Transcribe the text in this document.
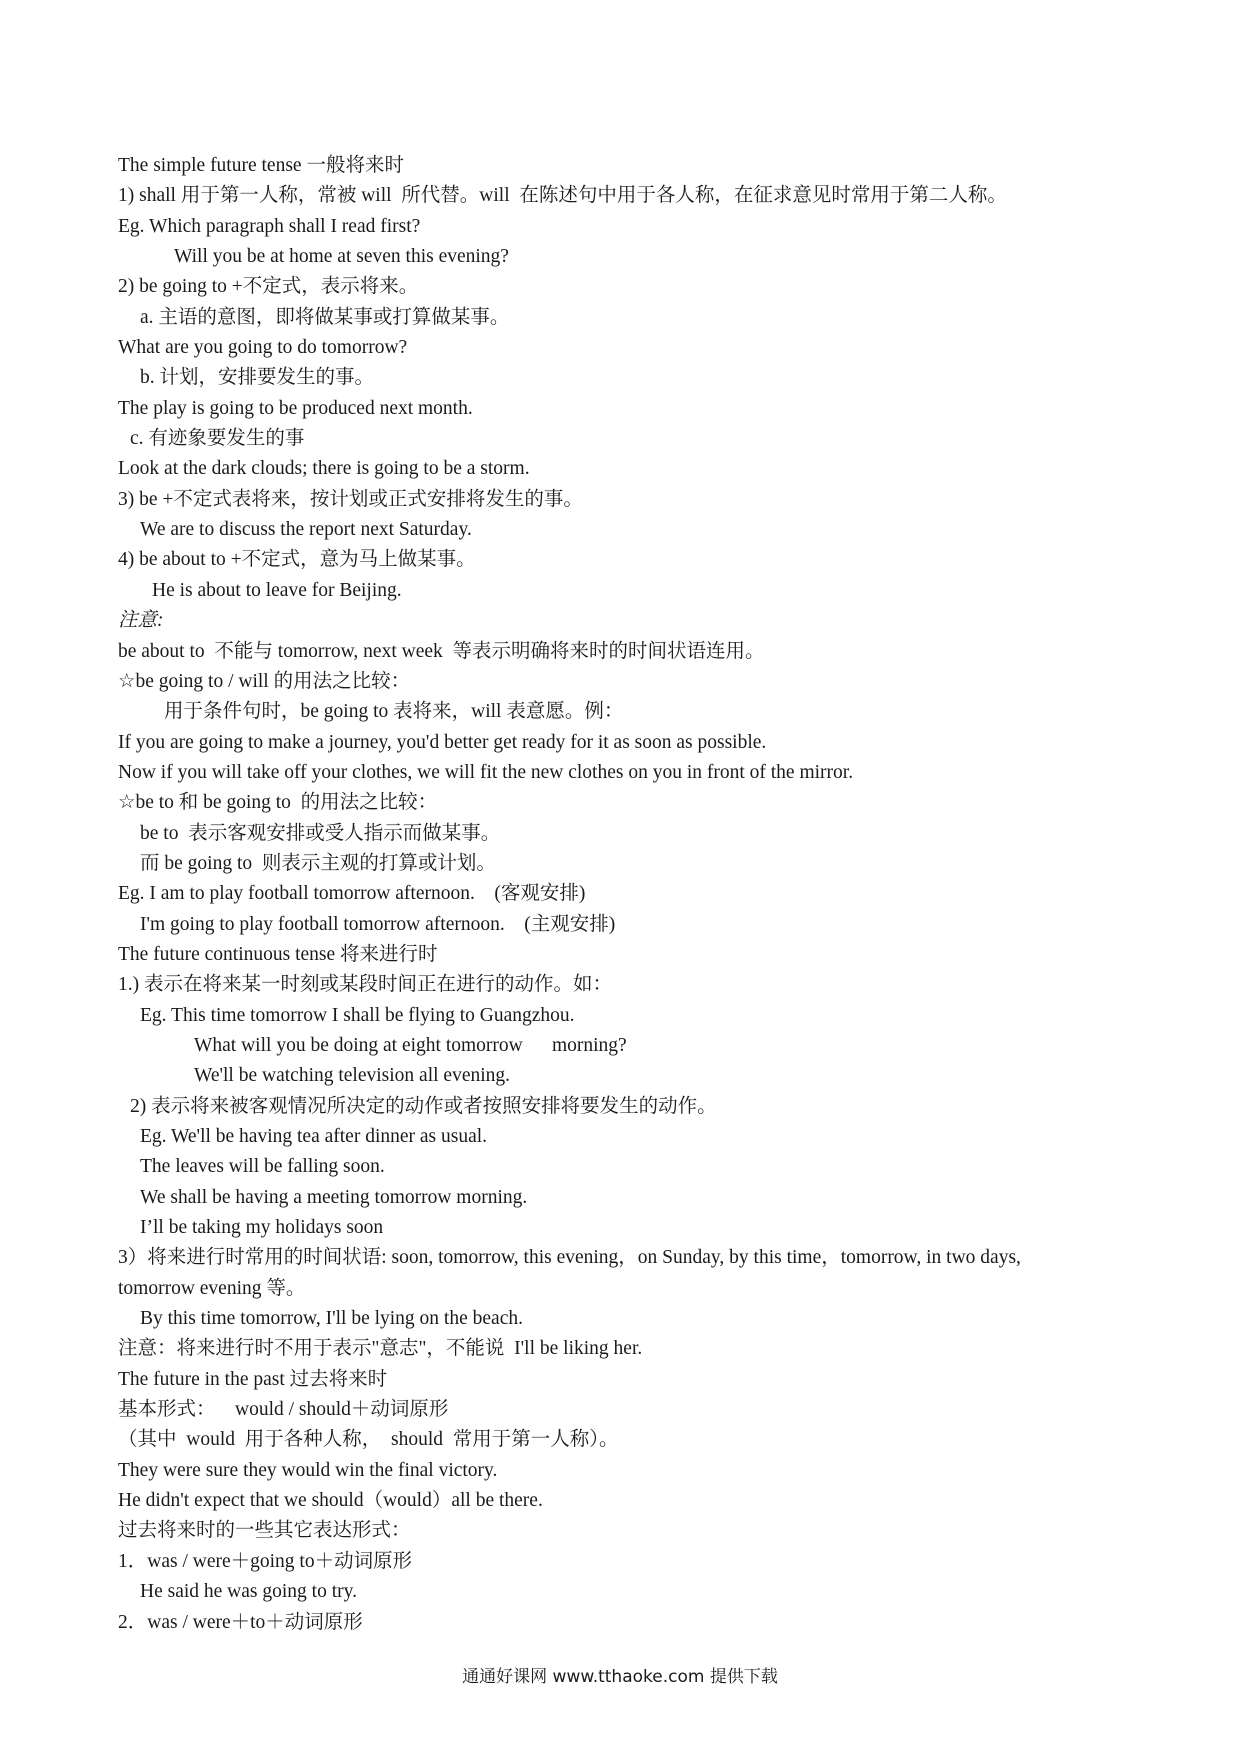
The simple future tense 一般将来时
1) shall 用于第一人称，常被 will  所代替。will  在陈述句中用于各人称，在征求意见时常用于第二人称。
Eg. Which paragraph shall I read first?
Will you be at home at seven this evening?
2) be going to +不定式，表示将来。
a. 主语的意图，即将做某事或打算做某事。
What are you going to do tomorrow?
b. 计划，安排要发生的事。
The play is going to be produced next month.
c. 有迹象要发生的事
Look at the dark clouds; there is going to be a storm.
3) be +不定式表将来，按计划或正式安排将发生的事。
We are to discuss the report next Saturday.
4) be about to +不定式，意为马上做某事。
He is about to leave for Beijing.
注意:
be about to  不能与 tomorrow, next week  等表示明确将来时的时间状语连用。
☆be going to / will 的用法之比较：
用于条件句时，be going to 表将来，will 表意愿。例：
If you are going to make a journey, you'd better get ready for it as soon as possible.
Now if you will take off your clothes, we will fit the new clothes on you in front of the mirror.
☆be to 和 be going to  的用法之比较：
be to  表示客观安排或受人指示而做某事。
而 be going to  则表示主观的打算或计划。
Eg. I am to play football tomorrow afternoon.    (客观安排)
I'm going to play football tomorrow afternoon.    (主观安排)
The future continuous tense 将来进行时
1.) 表示在将来某一时刻或某段时间正在进行的动作。如：
Eg. This time tomorrow I shall be flying to Guangzhou.
What will you be doing at eight tomorrow      morning?
We'll be watching television all evening.
2) 表示将来被客观情况所决定的动作或者按照安排将要发生的动作。
Eg. We'll be having tea after dinner as usual.
The leaves will be falling soon.
We shall be having a meeting tomorrow morning.
I’ll be taking my holidays soon
3）将来进行时常用的时间状语: soon, tomorrow, this evening，on Sunday, by this time，tomorrow, in two days,
tomorrow evening 等。
By this time tomorrow, I'll be lying on the beach.
注意：将来进行时不用于表示"意志"，不能说  I'll be liking her.
The future in the past 过去将来时
基本形式：    would / should＋动词原形
（其中  would  用于各种人称，  should  常用于第一人称）。
They were sure they would win the final victory.
He didn't expect that we should（would）all be there.
过去将来时的一些其它表达形式：
1．was / were＋going to＋动词原形
He said he was going to try.
2．was / were＋to＋动词原形
通通好课网 www.tthaoke.com 提供下载
